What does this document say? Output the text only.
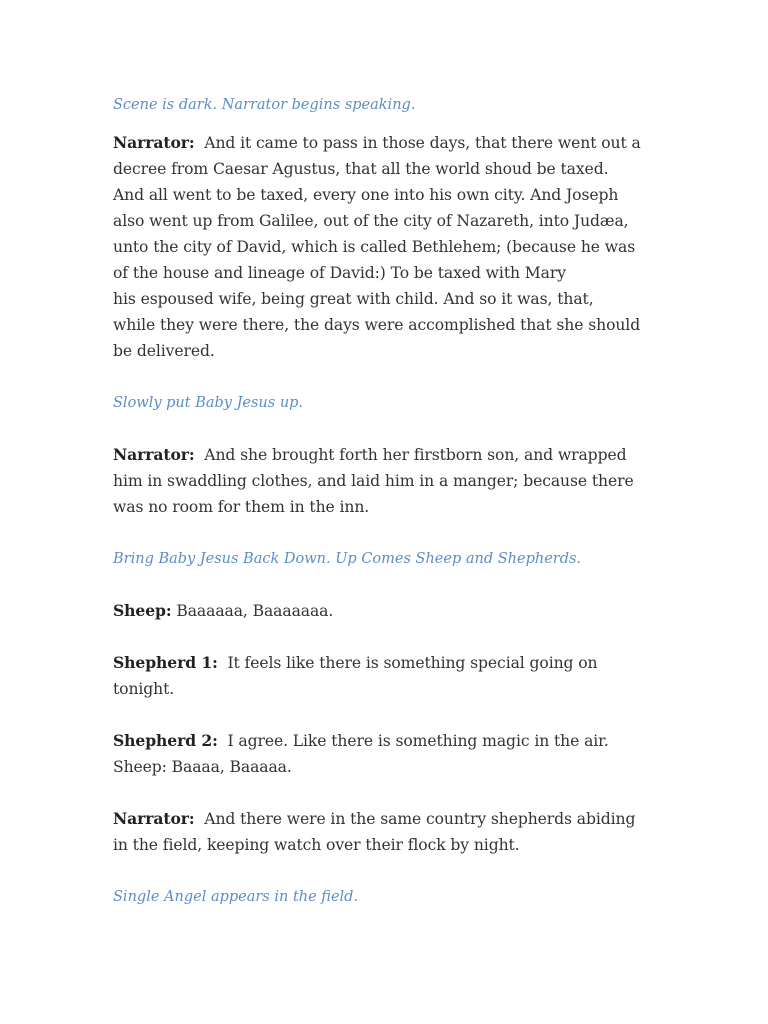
Scene is dark. Narrator begins speaking.

Narrator: And it came to pass in those days, that there went out a

decree from Caesar Agustus, that all the world shoud be taxed.

And all went to be taxed, every one into his own city. And Joseph

also went up from Galilee, out of the city of Nazareth, into Judæa,

unto the city of David, which is called Bethlehem; (because he was

of the house and lineage of David:) To be taxed with Mary

his espoused wife, being great with child. And so it was, that,

while they were there, the days were accomplished that she should

be delivered.

Slowly put Baby Jesus up.

Narrator: And she brought forth her firstborn son, and wrapped

him in swaddling clothes, and laid him in a manger; because there

was no room for them in the inn.

Bring Baby Jesus Back Down. Up Comes Sheep and Shepherds.

Sheep: Baaaaaa, Baaaaaaa.

Shepherd 1: It feels like there is something special going on

tonight.

Shepherd 2: I agree. Like there is something magic in the air.

Sheep: Baaaa, Baaaaa.

Narrator: And there were in the same country shepherds abiding

in the field, keeping watch over their flock by night.

Single Angel appears in the field.
